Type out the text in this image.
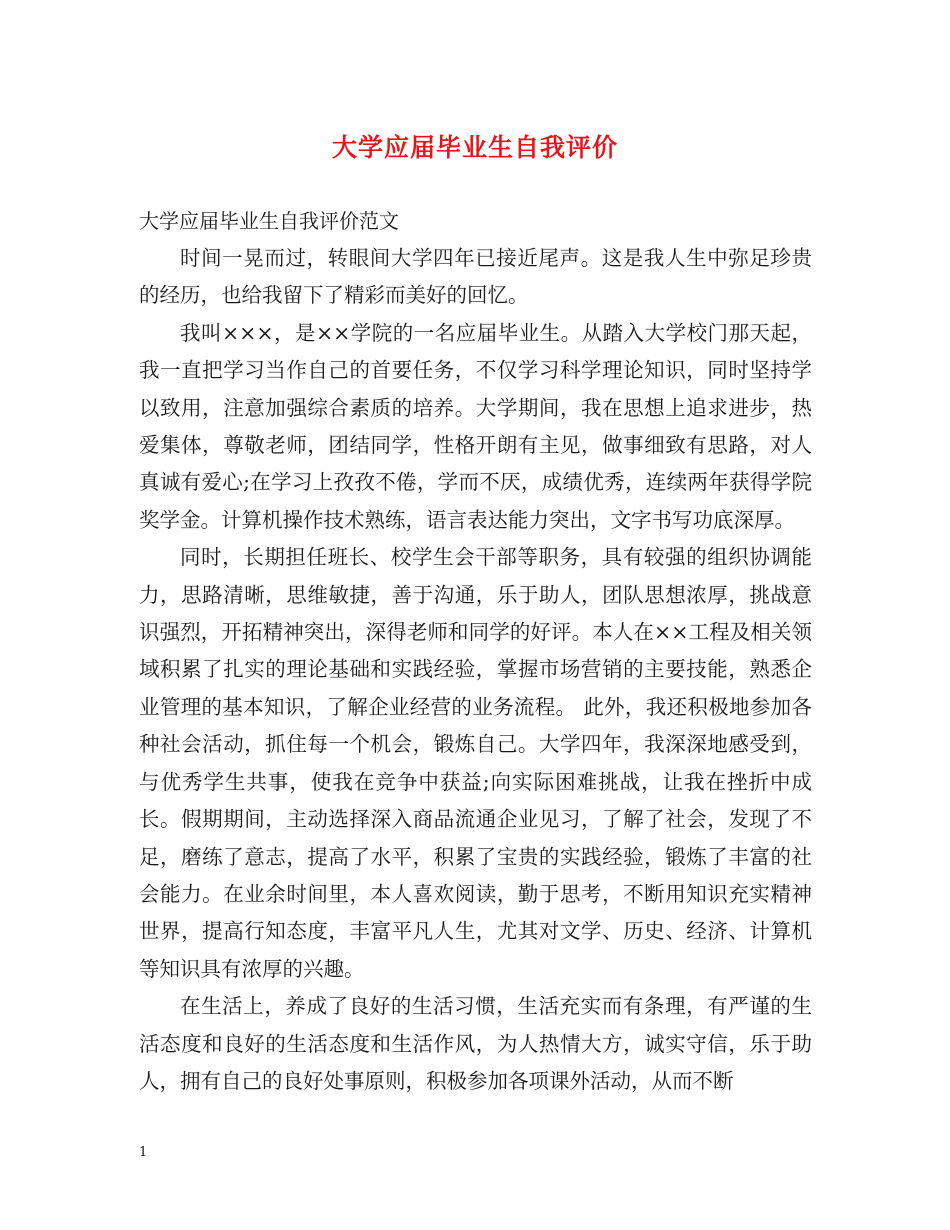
大学应届毕业生自我评价

大学应届毕业生自我评价范文

时间一晃而过，转眼间大学四年已接近尾声。这是我人生中弥足珍贵的经历，也给我留下了精彩而美好的回忆。

我叫×××，是××学院的一名应届毕业生。从踏入大学校门那天起，我一直把学习当作自己的首要任务，不仅学习科学理论知识，同时坚持学以致用，注意加强综合素质的培养。大学期间，我在思想上追求进步，热爱集体，尊敬老师，团结同学，性格开朗有主见，做事细致有思路，对人真诚有爱心;在学习上孜孜不倦，学而不厌，成绩优秀，连续两年获得学院奖学金。计算机操作技术熟练，语言表达能力突出，文字书写功底深厚。

同时，长期担任班长、校学生会干部等职务，具有较强的组织协调能力，思路清晰，思维敏捷，善于沟通，乐于助人，团队思想浓厚，挑战意识强烈，开拓精神突出，深得老师和同学的好评。本人在××工程及相关领域积累了扎实的理论基础和实践经验，掌握市场营销的主要技能，熟悉企业管理的基本知识，了解企业经营的业务流程。 此外，我还积极地参加各种社会活动，抓住每一个机会，锻炼自己。大学四年，我深深地感受到，与优秀学生共事，使我在竞争中获益;向实际困难挑战，让我在挫折中成长。假期期间，主动选择深入商品流通企业见习，了解了社会，发现了不足，磨练了意志，提高了水平，积累了宝贵的实践经验，锻炼了丰富的社会能力。在业余时间里，本人喜欢阅读，勤于思考，不断用知识充实精神世界，提高行知态度，丰富平凡人生，尤其对文学、历史、经济、计算机等知识具有浓厚的兴趣。

在生活上，养成了良好的生活习惯，生活充实而有条理，有严谨的生活态度和良好的生活态度和生活作风，为人热情大方，诚实守信，乐于助人，拥有自己的良好处事原则，积极参加各项课外活动，从而不断

1
